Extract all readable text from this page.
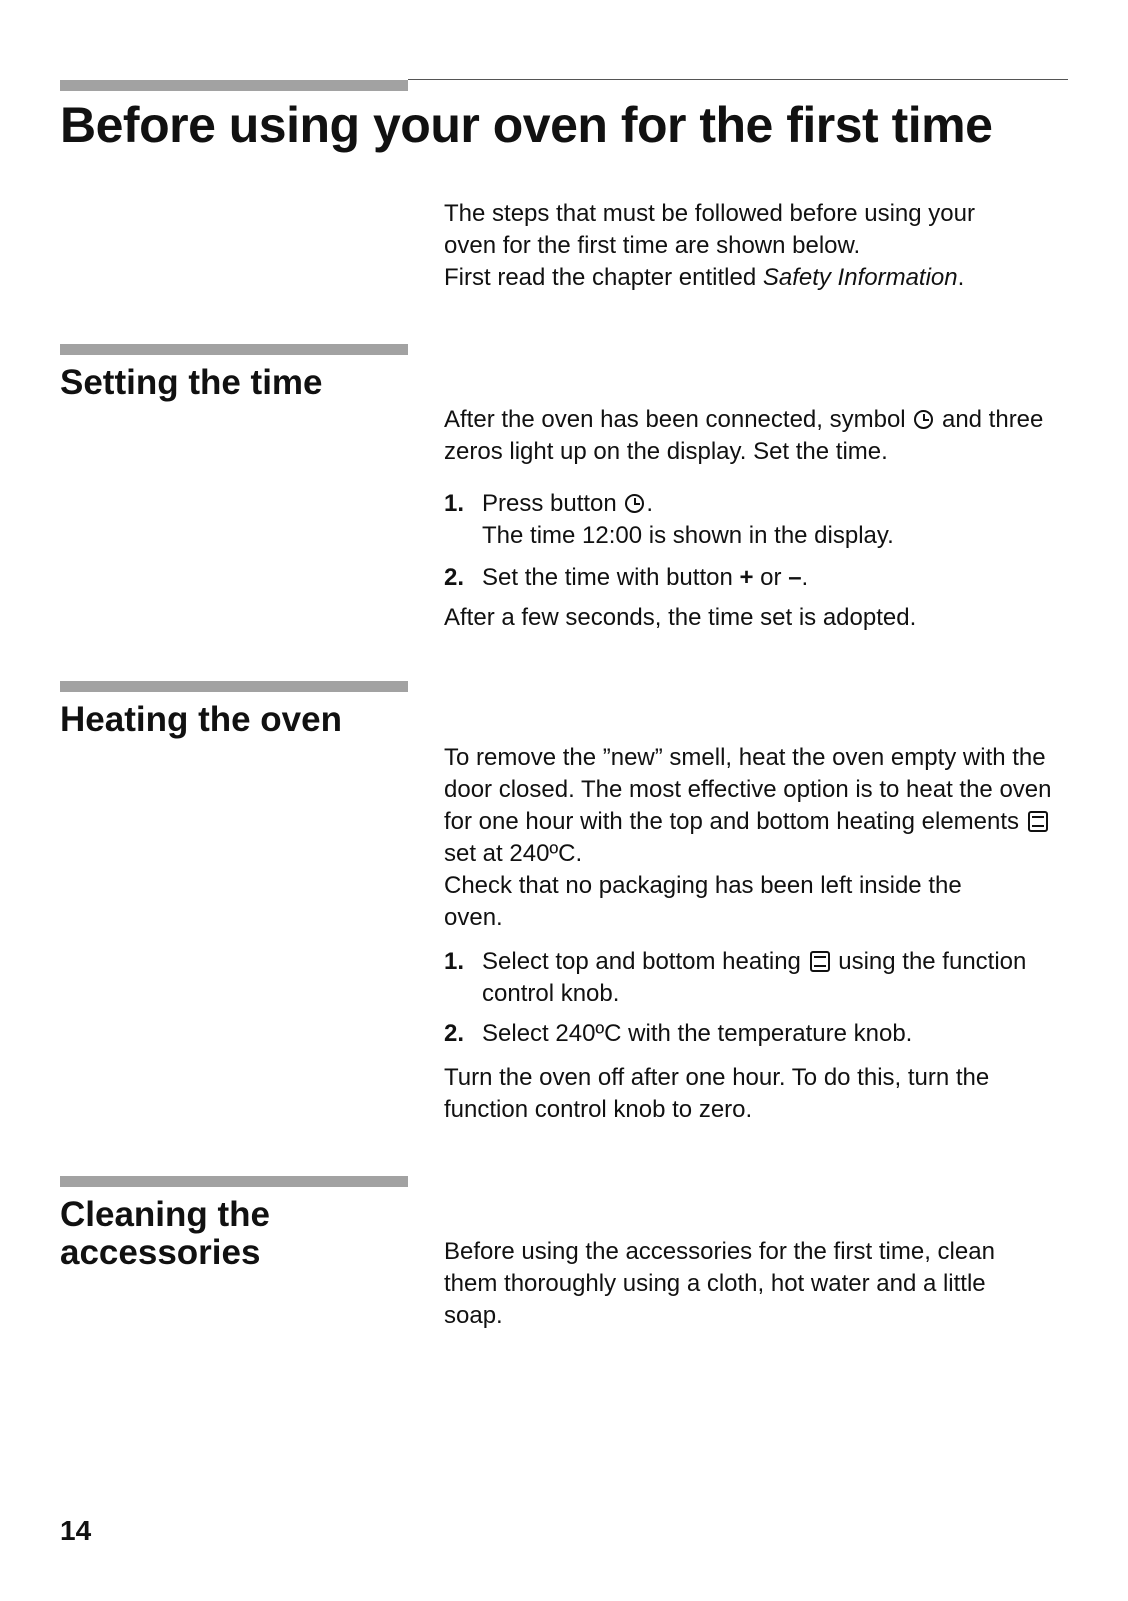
Before using your oven for the first time

The steps that must be followed before using your

oven for the first time are shown below.

First read the chapter entitled Safety Information.

Setting the time

After the oven has been connected, symbol  and three zeros light up on the display. Set the time.

1. Press button .
The time 12:00 is shown in the display.
2. Set the time with button + or –.

After a few seconds, the time set is adopted.

Heating the oven

To remove the ”new” smell, heat the oven empty with the door closed. The most effective option is to heat the oven for one hour with the top and bottom heating elements  set at 240ºC.

Check that no packaging has been left inside the oven.

1. Select top and bottom heating  using the function control knob.
2. Select 240ºC with the temperature knob.

Turn the oven off after one hour. To do this, turn the function control knob to zero.

Cleaning the
accessories	Before using the accessories for the first time, clean them thoroughly using a cloth, hot water and a little soap.

14
